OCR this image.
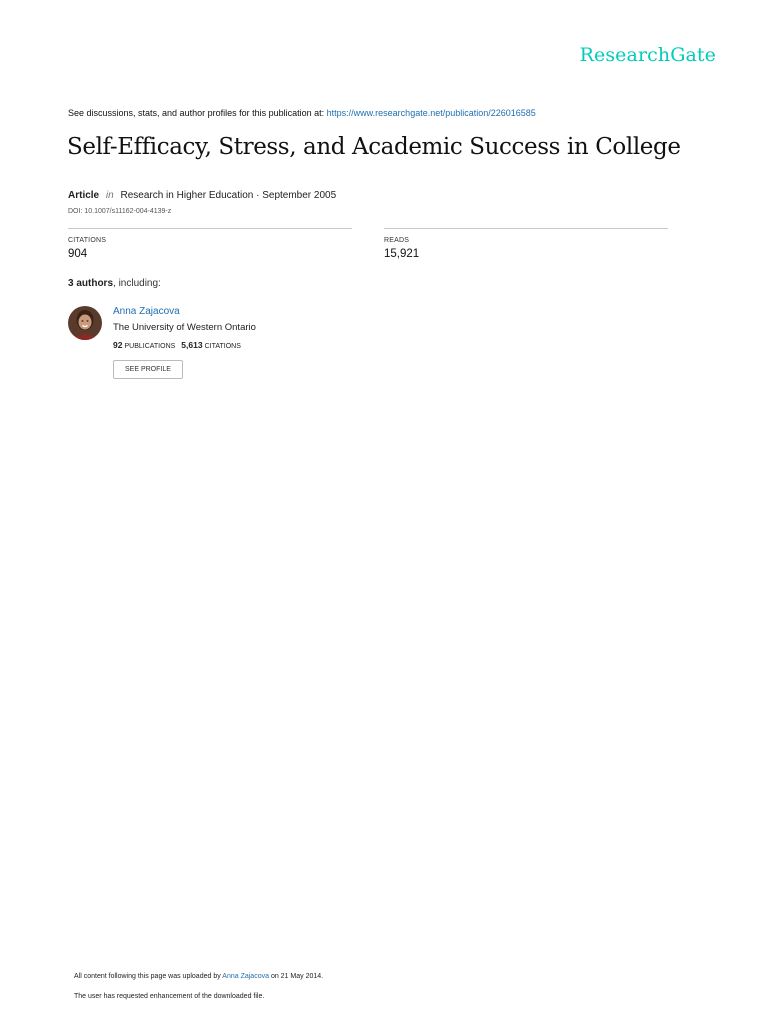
ResearchGate
See discussions, stats, and author profiles for this publication at: https://www.researchgate.net/publication/226016585
Self-Efficacy, Stress, and Academic Success in College
Article in Research in Higher Education · September 2005
DOI: 10.1007/s11162-004-4139-z
CITATIONS
904
READS
15,921
3 authors, including:
Anna Zajacova
The University of Western Ontario
92 PUBLICATIONS 5,613 CITATIONS
SEE PROFILE
All content following this page was uploaded by Anna Zajacova on 21 May 2014.
The user has requested enhancement of the downloaded file.
